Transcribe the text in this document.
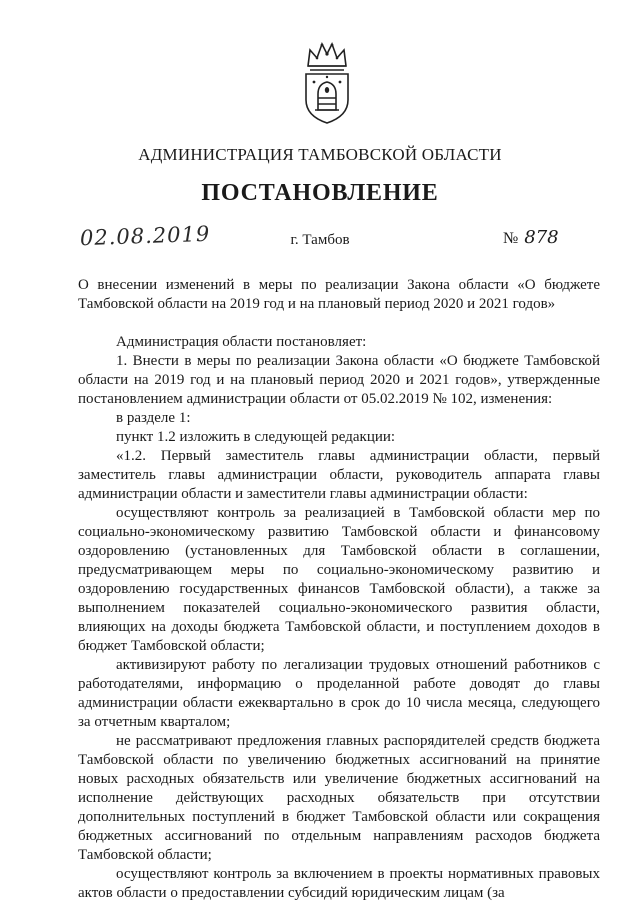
АДМИНИСТРАЦИЯ ТАМБОВСКОЙ ОБЛАСТИ
ПОСТАНОВЛЕНИЕ
02.08.2019	г. Тамбов	№ 878

О внесении изменений в меры по реализации Закона области «О бюджете Тамбовской области на 2019 год и на плановый период 2020 и 2021 годов»

Администрация области постановляет:

1. Внести в меры по реализации Закона области «О бюджете Тамбовской области на 2019 год и на плановый период 2020 и 2021 годов», утвержденные постановлением администрации области от 05.02.2019 № 102, изменения:

в разделе 1:

пункт 1.2 изложить в следующей редакции:

«1.2. Первый заместитель главы администрации области, первый заместитель главы администрации области, руководитель аппарата главы администрации области и заместители главы администрации области:

осуществляют контроль за реализацией в Тамбовской области мер по социально-экономическому развитию Тамбовской области и финансовому оздоровлению (установленных для Тамбовской области в соглашении, предусматривающем меры по социально-экономическому развитию и оздоровлению государственных финансов Тамбовской области), а также за выполнением показателей социально-экономического развития области, влияющих на доходы бюджета Тамбовской области, и поступлением доходов в бюджет Тамбовской области;

активизируют работу по легализации трудовых отношений работников с работодателями, информацию о проделанной работе доводят до главы администрации области ежеквартально в срок до 10 числа месяца, следующего за отчетным кварталом;

не рассматривают предложения главных распорядителей средств бюджета Тамбовской области по увеличению бюджетных ассигнований на принятие новых расходных обязательств или увеличение бюджетных ассигнований на исполнение действующих расходных обязательств при отсутствии дополнительных поступлений в бюджет Тамбовской области или сокращения бюджетных ассигнований по отдельным направлениям расходов бюджета Тамбовской области;

осуществляют контроль за включением в проекты нормативных правовых актов области о предоставлении субсидий юридическим лицам (за
